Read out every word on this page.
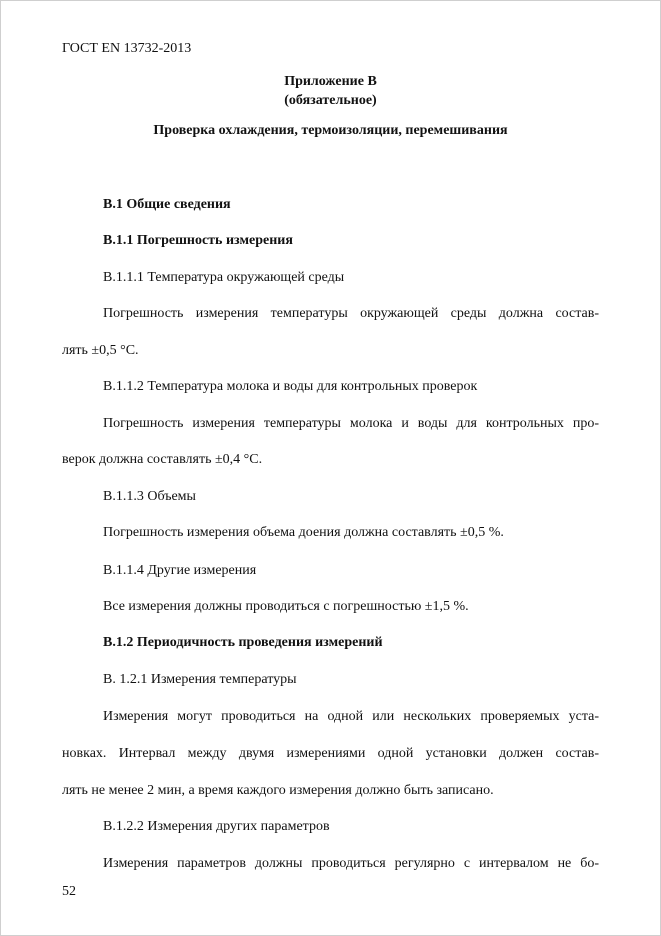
ГОСТ EN 13732-2013
Приложение В
(обязательное)
Проверка охлаждения, термоизоляции, перемешивания
В.1 Общие сведения
В.1.1 Погрешность измерения
В.1.1.1 Температура окружающей среды
Погрешность измерения температуры окружающей среды должна состав-
лять ±0,5 °С.
В.1.1.2 Температура молока и воды для контрольных проверок
Погрешность измерения температуры молока и воды для контрольных про-
верок должна составлять ±0,4 °С.
В.1.1.3 Объемы
Погрешность измерения объема доения должна составлять ±0,5 %.
В.1.1.4 Другие измерения
Все измерения должны проводиться с погрешностью ±1,5 %.
В.1.2 Периодичность проведения измерений
В. 1.2.1 Измерения температуры
Измерения могут проводиться на одной или нескольких проверяемых уста-
новках. Интервал между двумя измерениями одной установки должен состав-
лять не менее 2 мин, а время каждого измерения должно быть записано.
В.1.2.2 Измерения других параметров
Измерения параметров должны проводиться регулярно с интервалом не бо-
52
